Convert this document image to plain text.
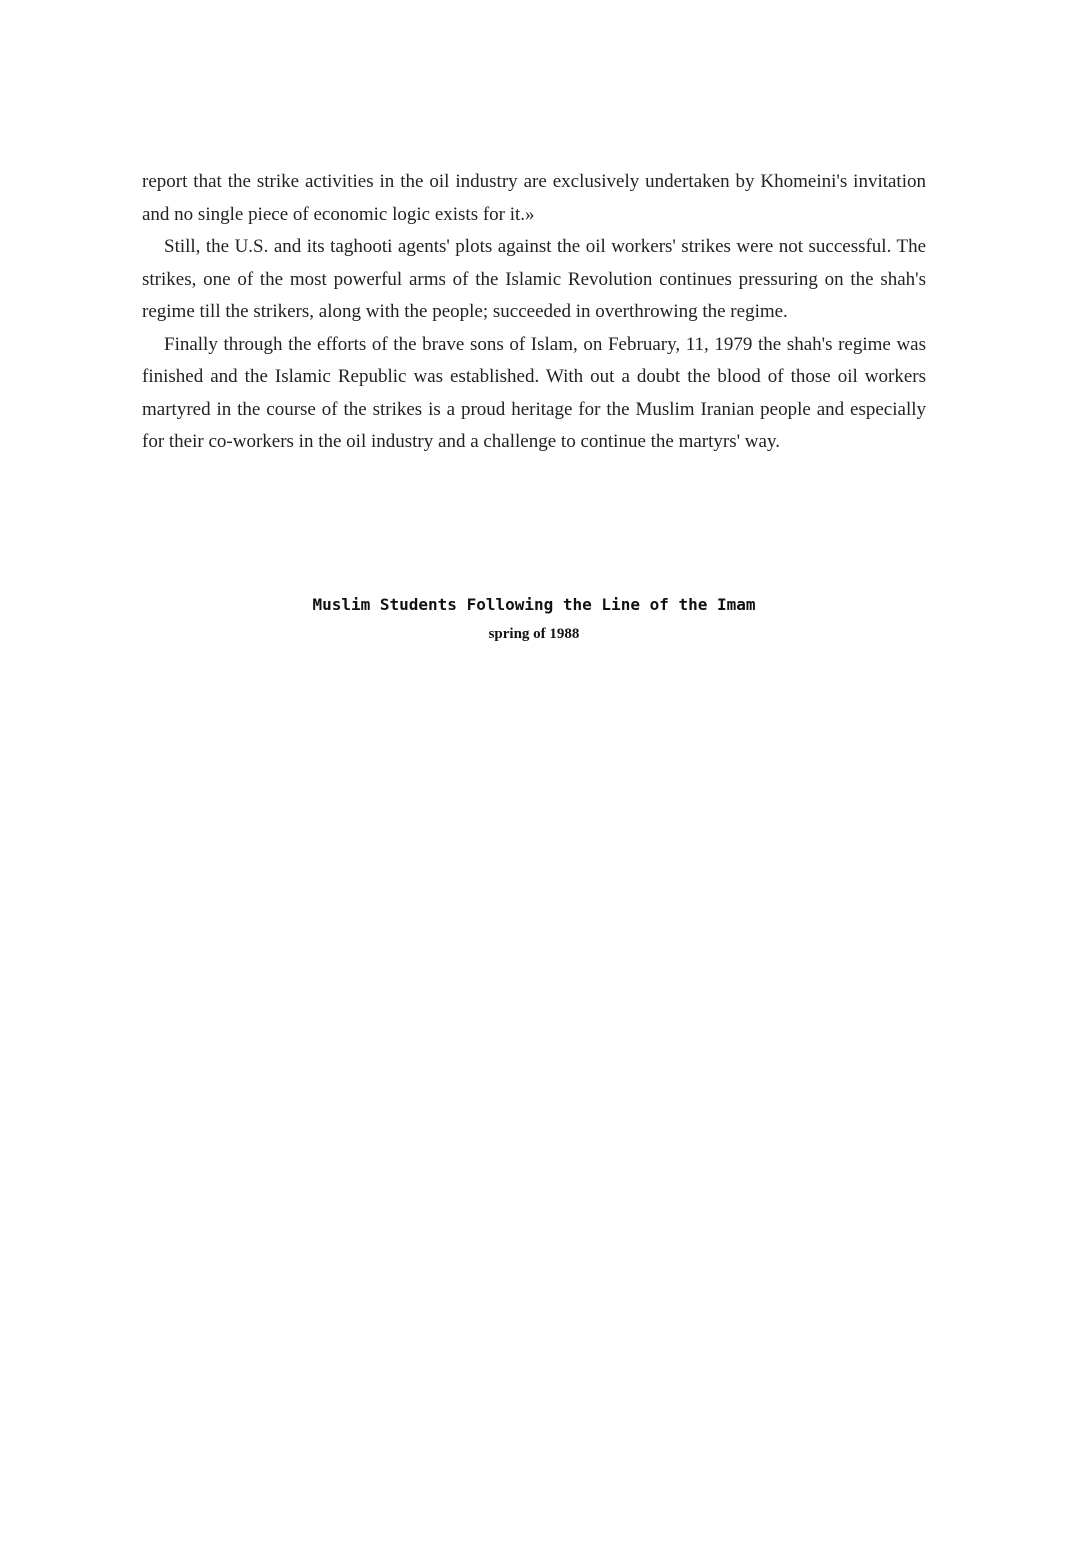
report that the strike activities in the oil industry are exclusively undertaken by Khomeini's invitation and no single piece of economic logic exists for it.»

Still, the U.S. and its taghooti agents' plots against the oil workers' strikes were not successful. The strikes, one of the most powerful arms of the Islamic Revolution continues pressuring on the shah's regime till the strikers, along with the people; succeeded in overthrowing the regime.

Finally through the efforts of the brave sons of Islam, on February, 11, 1979 the shah's regime was finished and the Islamic Republic was established. With out a doubt the blood of those oil workers martyred in the course of the strikes is a proud heritage for the Muslim Iranian people and especially for their co-workers in the oil industry and a challenge to continue the martyrs' way.

Muslim Students Following the Line of the Imam

spring of 1988
